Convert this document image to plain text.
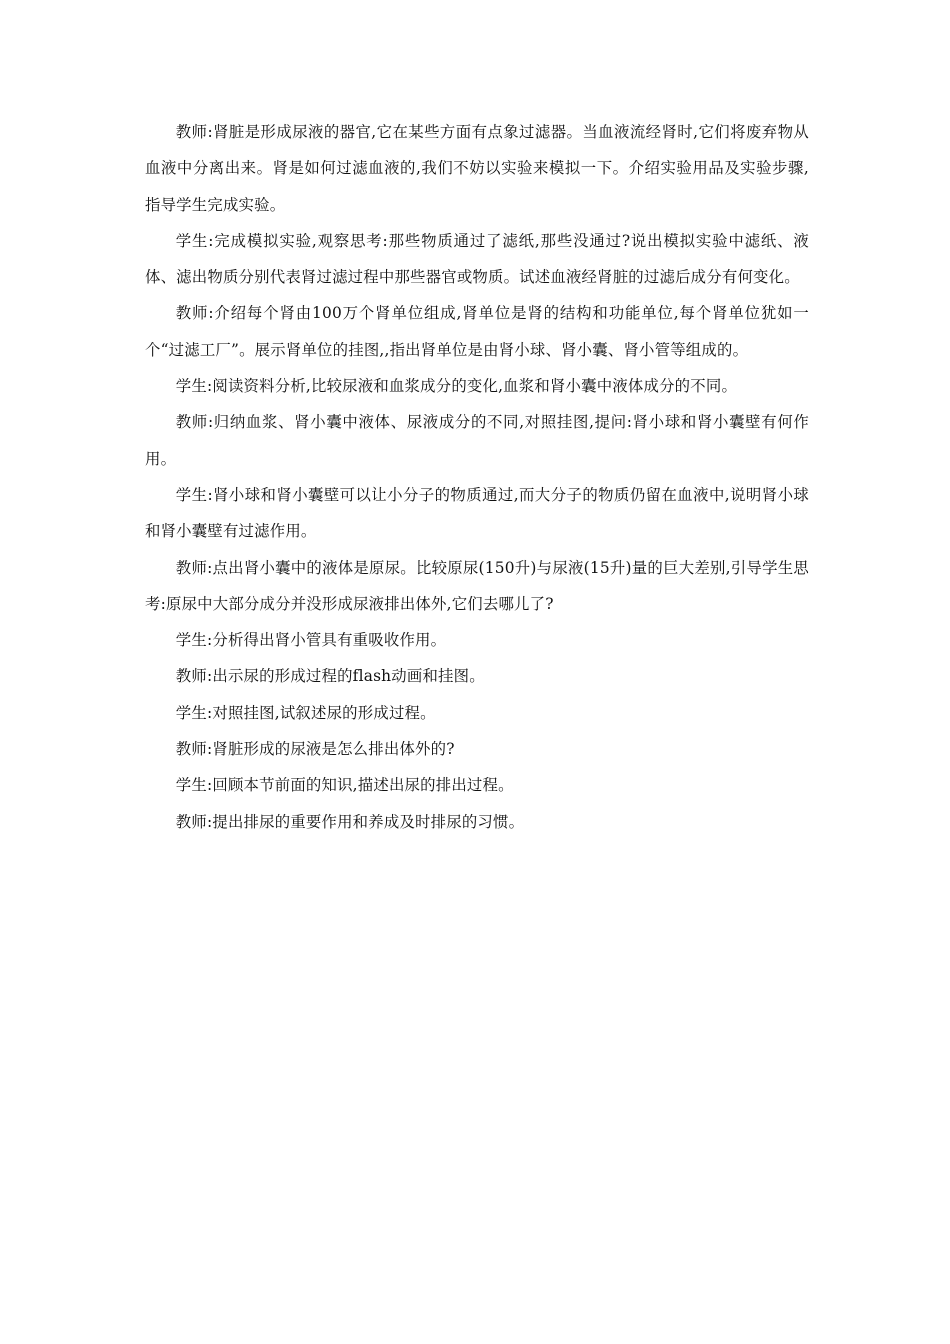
教师:肾脏是形成尿液的器官,它在某些方面有点象过滤器。当血液流经肾时,它们将废弃物从血液中分离出来。肾是如何过滤血液的,我们不妨以实验来模拟一下。介绍实验用品及实验步骤,指导学生完成实验。

学生:完成模拟实验,观察思考:那些物质通过了滤纸,那些没通过?说出模拟实验中滤纸、液体、滤出物质分别代表肾过滤过程中那些器官或物质。试述血液经肾脏的过滤后成分有何变化。

教师:介绍每个肾由100万个肾单位组成,肾单位是肾的结构和功能单位,每个肾单位犹如一个“过滤工厂”。展示肾单位的挂图,,指出肾单位是由肾小球、肾小囊、肾小管等组成的。

学生:阅读资料分析,比较尿液和血浆成分的变化,血浆和肾小囊中液体成分的不同。

教师:归纳血浆、肾小囊中液体、尿液成分的不同,对照挂图,提问:肾小球和肾小囊壁有何作用。

学生:肾小球和肾小囊壁可以让小分子的物质通过,而大分子的物质仍留在血液中,说明肾小球和肾小囊壁有过滤作用。

教师:点出肾小囊中的液体是原尿。比较原尿(150升)与尿液(15升)量的巨大差别,引导学生思考:原尿中大部分成分并没形成尿液排出体外,它们去哪儿了?

学生:分析得出肾小管具有重吸收作用。

教师:出示尿的形成过程的flash动画和挂图。

学生:对照挂图,试叙述尿的形成过程。

教师:肾脏形成的尿液是怎么排出体外的?

学生:回顾本节前面的知识,描述出尿的排出过程。

教师:提出排尿的重要作用和养成及时排尿的习惯。
